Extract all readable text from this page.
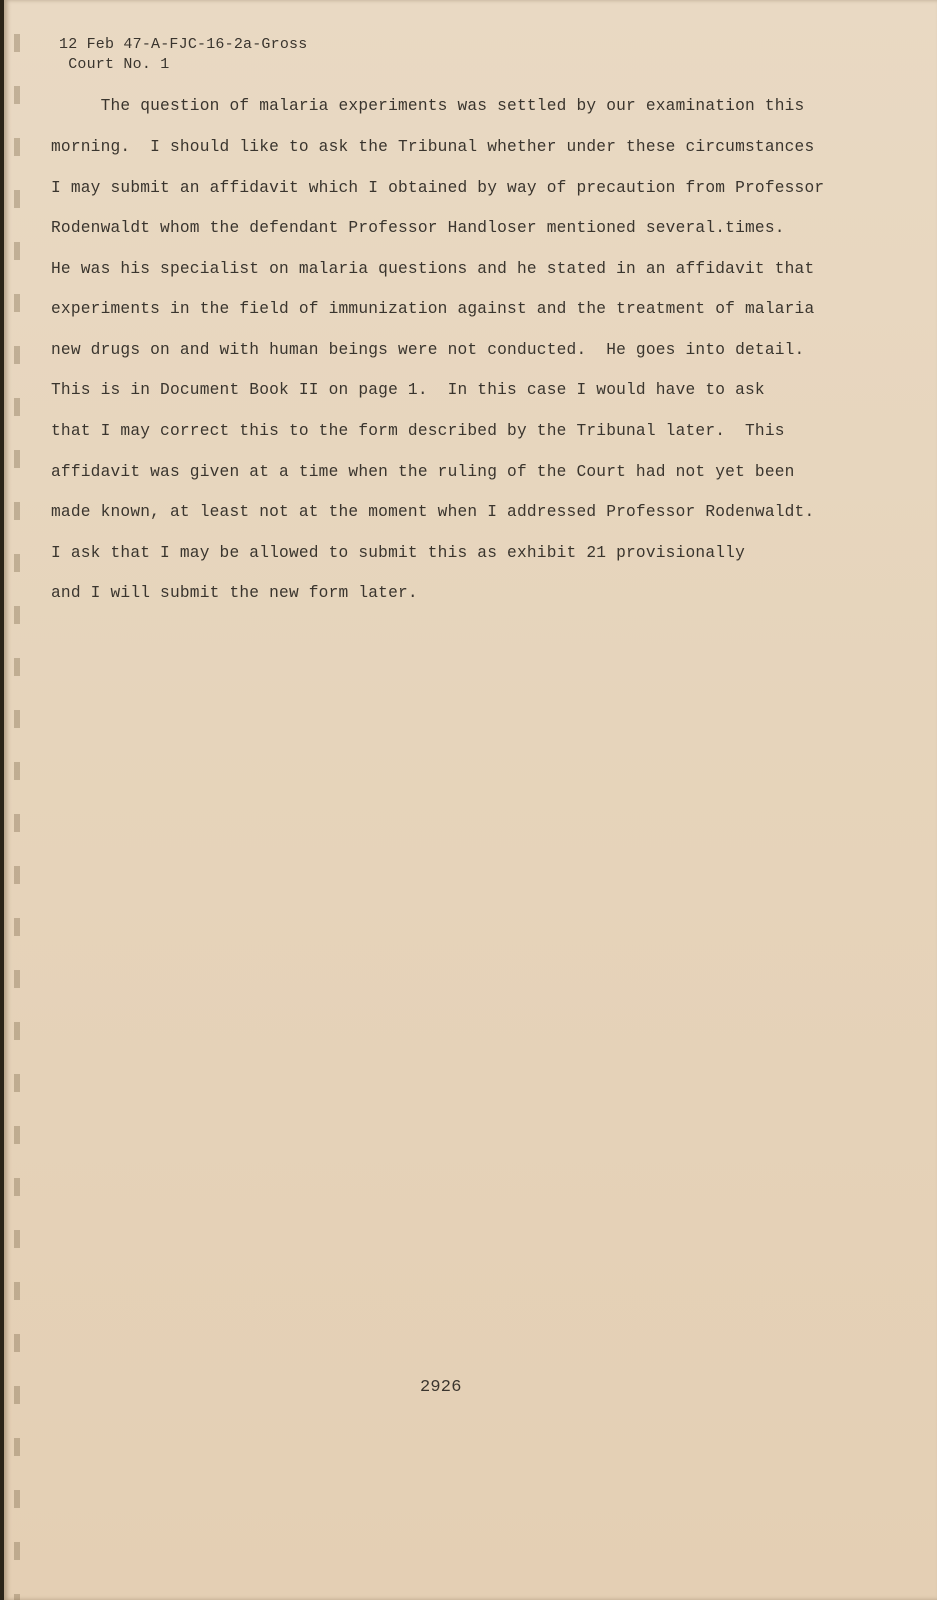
12 Feb 47-A-FJC-16-2a-Gross
Court No. 1
The question of malaria experiments was settled by our examination this
morning.  I should like to ask the Tribunal whether under these circumstances
I may submit an affidavit which I obtained by way of precaution from Professor
Rodenwaldt whom the defendant Professor Handloser mentioned several.times.
He was his specialist on malaria questions and he stated in an affidavit that
experiments in the field of immunization against and the treatment of malaria
new drugs on and with human beings were not conducted.  He goes into detail.
This is in Document Book II on page 1.  In this case I would have to ask
that I may correct this to the form described by the Tribunal later.  This
affidavit was given at a time when the ruling of the Court had not yet been
made known, at least not at the moment when I addressed Professor Rodenwaldt.
I ask that I may be allowed to submit this as exhibit 21 provisionally
and I will submit the new form later.
2926
